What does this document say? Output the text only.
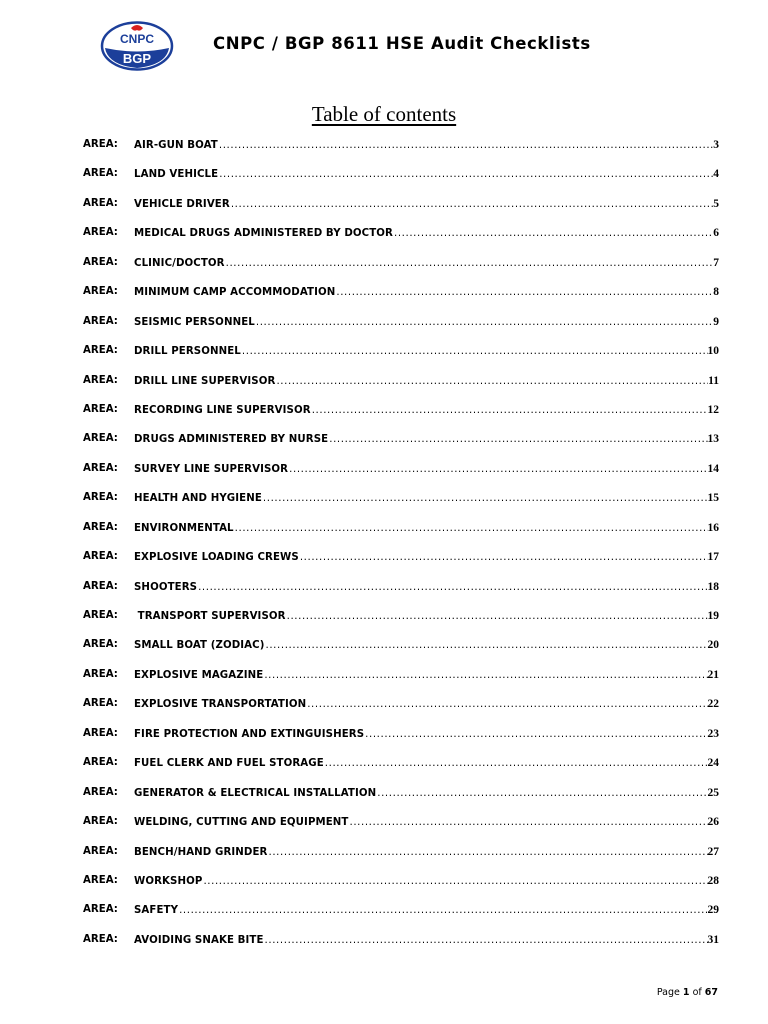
CNPC
BGP
CNPC / BGP 8611 HSE Audit Checklists
Table of contents
AREA: AIR-GUN BOAT .....	3
AREA: LAND VEHICLE .....	4
AREA: VEHICLE DRIVER .....	5
AREA: MEDICAL DRUGS ADMINISTERED BY DOCTOR .....	6
AREA: CLINIC/DOCTOR .....	7
AREA: MINIMUM CAMP ACCOMMODATION .....	8
AREA: SEISMIC PERSONNEL .....	9
AREA: DRILL PERSONNEL .....	10
AREA: DRILL LINE SUPERVISOR .....	11
AREA: RECORDING LINE SUPERVISOR .....	12
AREA: DRUGS ADMINISTERED BY NURSE .....	13
AREA: SURVEY LINE SUPERVISOR .....	14
AREA: HEALTH AND HYGIENE .....	15
AREA: ENVIRONMENTAL .....	16
AREA: EXPLOSIVE LOADING CREWS .....	17
AREA: SHOOTERS .....	18
AREA: TRANSPORT SUPERVISOR .....	19
AREA: SMALL BOAT (ZODIAC) .....	20
AREA: EXPLOSIVE MAGAZINE .....	21
AREA: EXPLOSIVE TRANSPORTATION .....	22
AREA: FIRE PROTECTION AND EXTINGUISHERS .....	23
AREA: FUEL CLERK AND FUEL STORAGE .....	24
AREA: GENERATOR & ELECTRICAL INSTALLATION .....	25
AREA: WELDING, CUTTING AND EQUIPMENT .....	26
AREA: BENCH/HAND GRINDER .....	27
AREA: WORKSHOP .....	28
AREA: SAFETY .....	29
AREA: AVOIDING SNAKE BITE .....	31
Page 1 of 67
